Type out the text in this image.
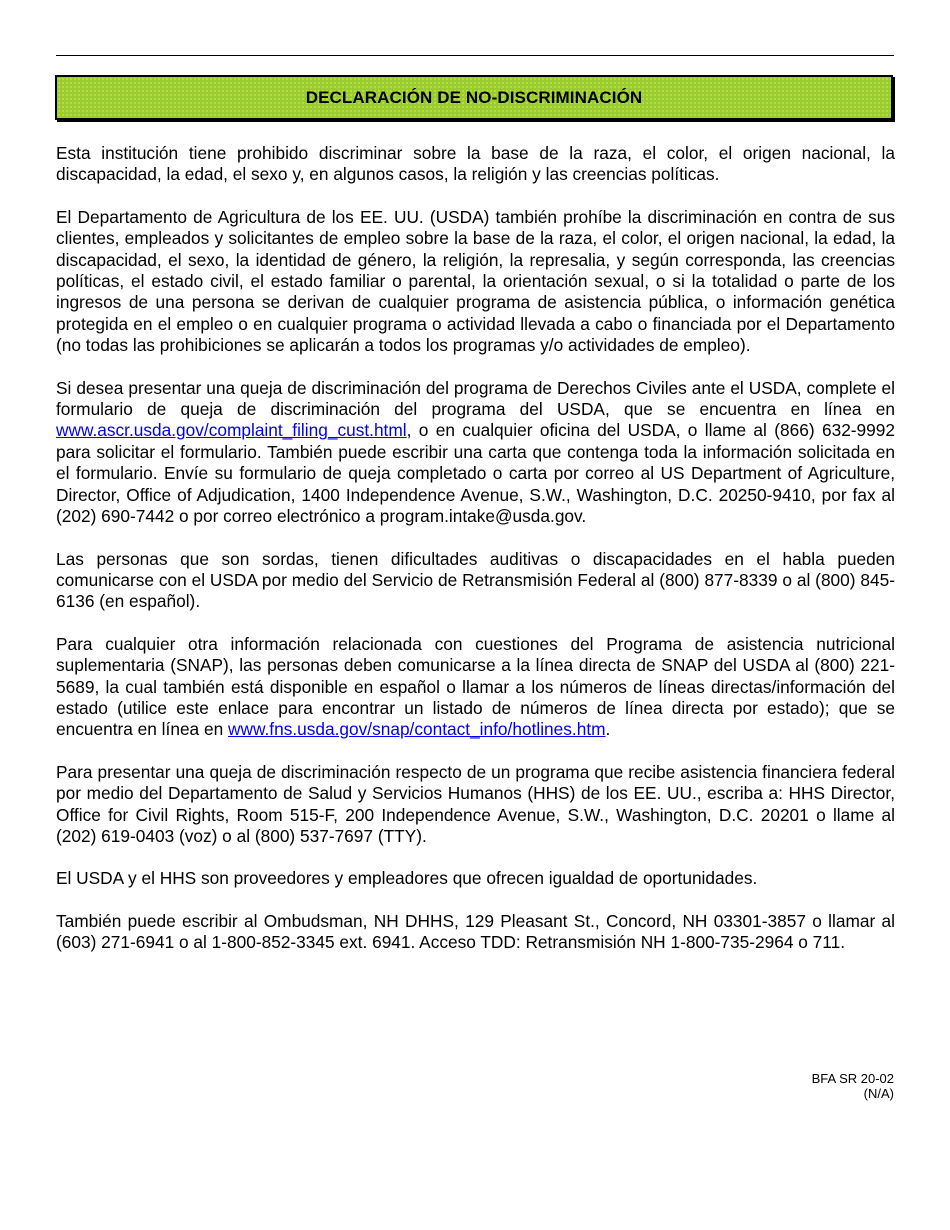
DECLARACIÓN DE NO-DISCRIMINACIÓN

Esta institución tiene prohibido discriminar sobre la base de la raza, el color, el origen nacional, la discapacidad, la edad, el sexo y, en algunos casos, la religión y las creencias políticas.

El Departamento de Agricultura de los EE. UU. (USDA) también prohíbe la discriminación en contra de sus clientes, empleados y solicitantes de empleo sobre la base de la raza, el color, el origen nacional, la edad, la discapacidad, el sexo, la identidad de género, la religión, la represalia, y según corresponda, las creencias políticas, el estado civil, el estado familiar o parental, la orientación sexual, o si la totalidad o parte de los ingresos de una persona se derivan de cualquier programa de asistencia pública, o información genética protegida en el empleo o en cualquier programa o actividad llevada a cabo o financiada por el Departamento (no todas las prohibiciones se aplicarán a todos los programas y/o actividades de empleo).

Si desea presentar una queja de discriminación del programa de Derechos Civiles ante el USDA, complete el formulario de queja de discriminación del programa del USDA, que se encuentra en línea en www.ascr.usda.gov/complaint_filing_cust.html, o en cualquier oficina del USDA, o llame al (866) 632-9992 para solicitar el formulario. También puede escribir una carta que contenga toda la información solicitada en el formulario. Envíe su formulario de queja completado o carta por correo al US Department of Agriculture, Director, Office of Adjudication, 1400 Independence Avenue, S.W., Washington, D.C. 20250-9410, por fax al (202) 690-7442 o por correo electrónico a program.intake@usda.gov.

Las personas que son sordas, tienen dificultades auditivas o discapacidades en el habla pueden comunicarse con el USDA por medio del Servicio de Retransmisión Federal al (800) 877-8339 o al (800) 845-6136 (en español).

Para cualquier otra información relacionada con cuestiones del Programa de asistencia nutricional suplementaria (SNAP), las personas deben comunicarse a la línea directa de SNAP del USDA al (800) 221-5689, la cual también está disponible en español o llamar a los números de líneas directas/información del estado (utilice este enlace para encontrar un listado de números de línea directa por estado); que se encuentra en línea en www.fns.usda.gov/snap/contact_info/hotlines.htm.

Para presentar una queja de discriminación respecto de un programa que recibe asistencia financiera federal por medio del Departamento de Salud y Servicios Humanos (HHS) de los EE. UU., escriba a: HHS Director, Office for Civil Rights, Room 515-F, 200 Independence Avenue, S.W., Washington, D.C. 20201 o llame al (202) 619-0403 (voz) o al (800) 537-7697 (TTY).

El USDA y el HHS son proveedores y empleadores que ofrecen igualdad de oportunidades.

También puede escribir al Ombudsman, NH DHHS, 129 Pleasant St., Concord, NH 03301-3857 o llamar al (603) 271-6941 o al 1-800-852-3345 ext. 6941. Acceso TDD: Retransmisión NH 1-800-735-2964 o 711.

BFA SR 20-02
(N/A)
